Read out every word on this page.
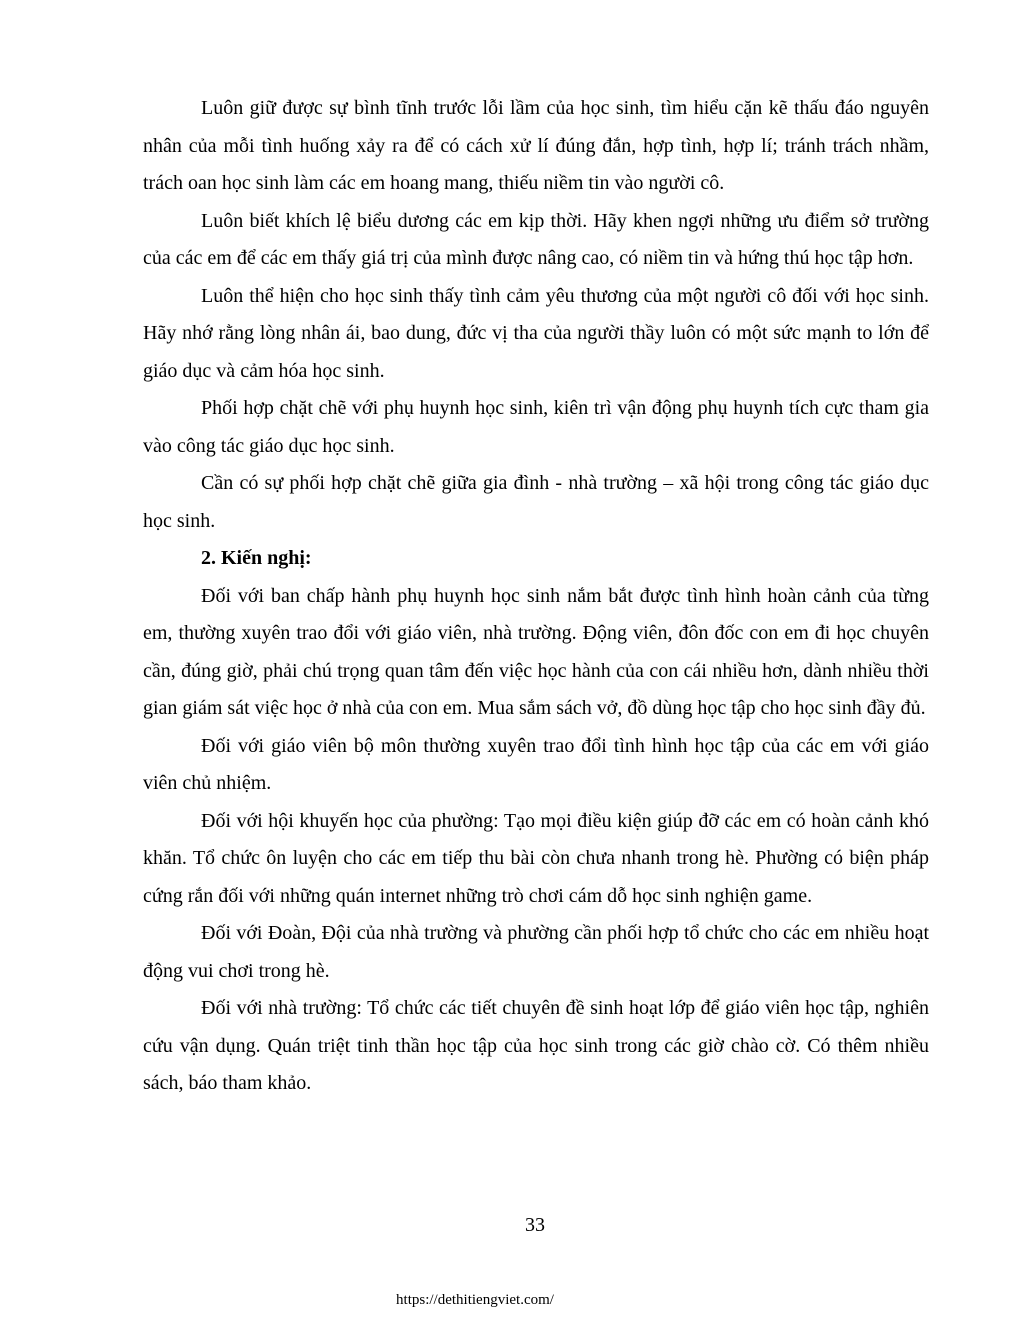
Luôn giữ được sự bình tĩnh trước lỗi lầm của học sinh, tìm hiểu cặn kẽ thấu đáo nguyên nhân của mỗi tình huống xảy ra để có cách xử lí đúng đắn, hợp tình, hợp lí; tránh trách nhầm, trách oan học sinh làm các em hoang mang, thiếu niềm tin vào người cô.

Luôn biết khích lệ biểu dương các em kịp thời. Hãy khen ngợi những ưu điểm sở trường của các em để các em thấy giá trị của mình được nâng cao, có niềm tin và hứng thú học tập hơn.

Luôn thể hiện cho học sinh thấy tình cảm yêu thương của một người cô đối với học sinh. Hãy nhớ rằng lòng nhân ái, bao dung, đức vị tha của người thầy luôn có một sức mạnh to lớn để giáo dục và cảm hóa học sinh.

Phối hợp chặt chẽ với phụ huynh học sinh, kiên trì vận động phụ huynh tích cực tham gia vào công tác giáo dục học sinh.

Cần có sự phối hợp chặt chẽ giữa gia đình - nhà trường – xã hội trong công tác giáo dục học sinh.

2. Kiến nghị:

Đối với ban chấp hành phụ huynh học sinh nắm bắt được tình hình hoàn cảnh của từng em, thường xuyên trao đổi với giáo viên, nhà trường. Động viên, đôn đốc con em đi học chuyên cần, đúng giờ, phải chú trọng quan tâm đến việc học hành của con cái nhiều hơn, dành nhiều thời gian giám sát việc học ở nhà của con em. Mua sắm sách vở, đồ dùng học tập cho học sinh đầy đủ.

Đối với giáo viên bộ môn thường xuyên trao đổi tình hình học tập của các em với giáo viên chủ nhiệm.

Đối với hội khuyến học của phường: Tạo mọi điều kiện giúp đỡ các em có hoàn cảnh khó khăn. Tổ chức ôn luyện cho các em tiếp thu bài còn chưa nhanh trong hè. Phường có biện pháp cứng rắn đối với những quán internet những trò chơi cám dỗ học sinh nghiện game.

Đối với Đoàn, Đội của nhà trường và phường cần phối hợp tổ chức cho các em nhiều hoạt động vui chơi trong hè.

Đối với nhà trường: Tổ chức các tiết chuyên đề sinh hoạt lớp để giáo viên học tập, nghiên cứu vận dụng. Quán triệt tinh thần học tập của học sinh trong các giờ chào cờ. Có thêm nhiều sách, báo tham khảo.

33
https://dethitiengviet.com/
